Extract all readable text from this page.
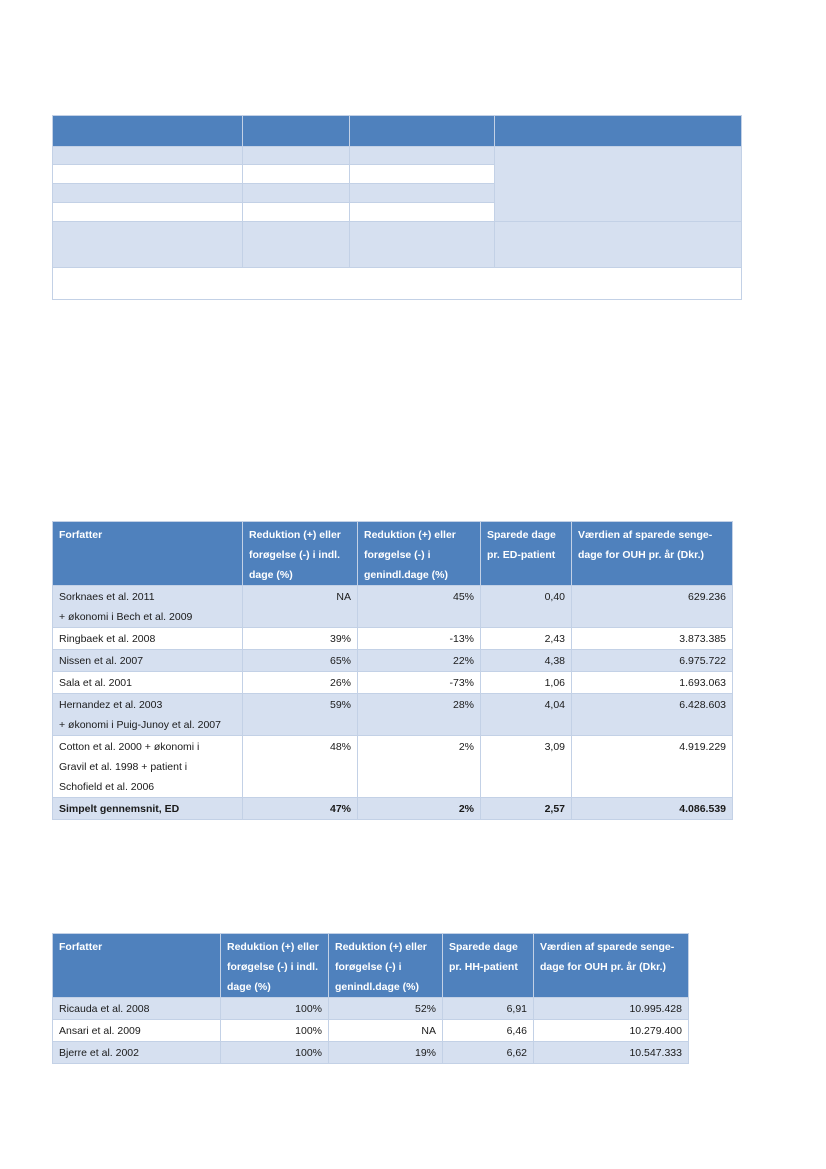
Forfatter	Reduktion (+) eller forøgelse (-) i indl. dage (%)	Reduktion (+) eller forøgelse (-) i genindl.dage (%)	Sparede dage pr. ED-patient	Værdien af sparede senge-dage for OUH pr. år (Dkr.)

Sorknaes et al. 2011
+ økonomi i Bech et al. 2009	NA	45%	0,40	629.236
Ringbaek et al. 2008	39%	-13%	2,43	3.873.385
Nissen et al. 2007	65%	22%	4,38	6.975.722
Sala et al. 2001	26%	-73%	1,06	1.693.063

Hernandez et al. 2003
+ økonomi i Puig-Junoy et al. 2007	59%	28%	4,04	6.428.603

Cotton et al. 2000 + økonomi i
Gravil et al. 1998 + patient i
Schofield et al. 2006	48%	2%	3,09	4.919.229
Simpelt gennemsnit, ED	47%	2%	2,57	4.086.539
Forfatter	Reduktion (+) eller forøgelse (-) i indl. dage (%)	Reduktion (+) eller forøgelse (-) i genindl.dage (%)	Sparede dage pr. HH-patient	Værdien af sparede senge-dage for OUH pr. år (Dkr.)
Ricauda et al. 2008	100%	52%	6,91	10.995.428
Ansari et al. 2009	100%	NA	6,46	10.279.400
Bjerre et al. 2002	100%	19%	6,62	10.547.333
